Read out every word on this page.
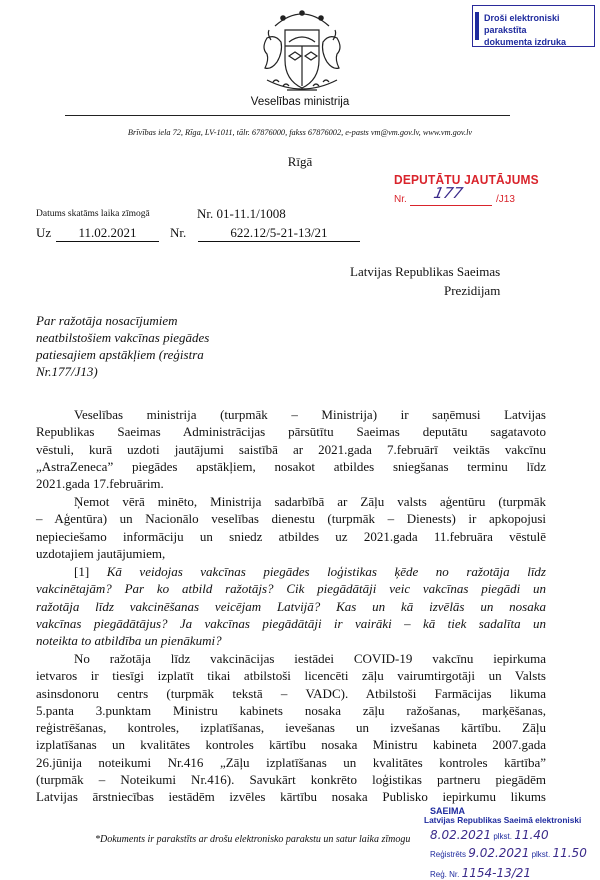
Droši elektroniski parakstīta
dokumenta izdruka
Veselības ministrija
Brīvības iela 72, Rīga, LV-1011, tālr. 67876000, fakss 67876002, e-pasts vm@vm.gov.lv, www.vm.gov.lv
Rīgā
DEPUTĀTU JAUTĀJUMS
Nr. 177	/J13
Datums skatāms laika zīmogā	Nr. 01-11.1/1008
Uz	11.02.2021	Nr.	622.12/5-21-13/21
Latvijas Republikas Saeimas
Prezidijam
Par ražotāja nosacījumiem
neatbilstošiem vakcīnas piegādes
patiesajiem apstākļiem (reģistra
Nr.177/J13)
Veselības ministrija (turpmāk – Ministrija) ir saņēmusi Latvijas
Republikas Saeimas Administrācijas pārsūtītu Saeimas deputātu sagatavoto
vēstuli, kurā uzdoti jautājumi saistībā ar 2021.gada 7.februārī veiktās vakcīnu
„AstraZeneca” piegādes apstākļiem, nosakot atbildes sniegšanas terminu līdz
2021.gada 17.februārim.
Ņemot vērā minēto, Ministrija sadarbībā ar Zāļu valsts aģentūru (turpmāk
– Aģentūra) un Nacionālo veselības dienestu (turpmāk – Dienests) ir apkopojusi
nepieciešamo informāciju un sniedz atbildes uz 2021.gada 11.februāra vēstulē
uzdotajiem jautājumiem,
[1] Kā veidojas vakcīnas piegādes loģistikas ķēde no ražotāja līdz
vakcinētajām? Par ko atbild ražotājs? Cik piegādātāji veic vakcīnas piegādi un
ražotāja līdz vakcinēšanas veicējam Latvijā? Kas un kā izvēlās un nosaka
vakcīnas piegādātājus? Ja vakcīnas piegādātāji ir vairāki – kā tiek sadalīta un
noteikta to atbildība un pienākumi?
No ražotāja līdz vakcinācijas iestādei COVID-19 vakcīnu iepirkuma
ietvaros ir tiesīgi izplatīt tikai atbilstoši licencēti zāļu vairumtirgotāji un Valsts
asinsdonoru centrs (turpmāk tekstā – VADC). Atbilstoši Farmācijas likuma
5.panta 3.punktam Ministru kabinets nosaka zāļu ražošanas, marķēšanas,
reģistrēšanas, kontroles, izplatīšanas, ievešanas un izvešanas kārtību. Zāļu
izplatīšanas un kvalitātes kontroles kārtību nosaka Ministru kabineta 2007.gada
26.jūnija noteikumi Nr.416 „Zāļu izplatīšanas un kvalitātes kontroles kārtība”
(turpmāk – Noteikumi Nr.416). Savukārt konkrēto loģistikas partneru piegādēm
Latvijas ārstniecības iestādēm izvēles kārtību nosaka Publisko iepirkumu likums
*Dokuments ir parakstīts ar drošu elektronisko parakstu un satur laika zīmogu
SAEIMA
Latvijas Republikas Saeimā elektroniski
8.02.2021 plkst. 11.40
Reģistrēts 9.02.2021 plkst. 11.50
Reģ. Nr. 1154-13/21
